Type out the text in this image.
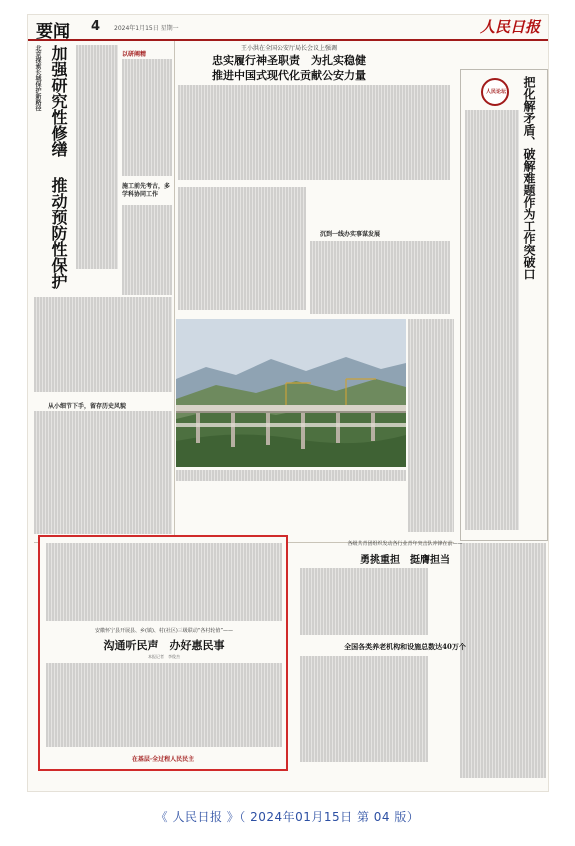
要闻 4 2024年1月15日 星期一	人民日报
北京探索长城保护新路径 加强研究性修缮
推动预防性保护
以研阐精
施工前先考古，多学科协同工作
从小细节下手，留存历史风貌
王小洪在全国公安厅局长会议上强调
忠实履行神圣职责　为扎实稳健
推进中国式现代化贡献公安力量
沉到一线办实事谋发展
人民论坛 把化解矛盾、破解难题作为工作突破口
安徽怀宁县开展县、乡(镇)、村(社区)三级联动“各村轮值”——
沟通听民声　办好惠民事
本报记者　李俊杰
在基层·全过程人民民主
各级共青团组织发动各行业青年突击队冲锋在前——
勇挑重担　挺膺担当
全国各类养老机构和设施总数达40万个
《 人民日报 》（ 2024年01月15日 第 04 版）
